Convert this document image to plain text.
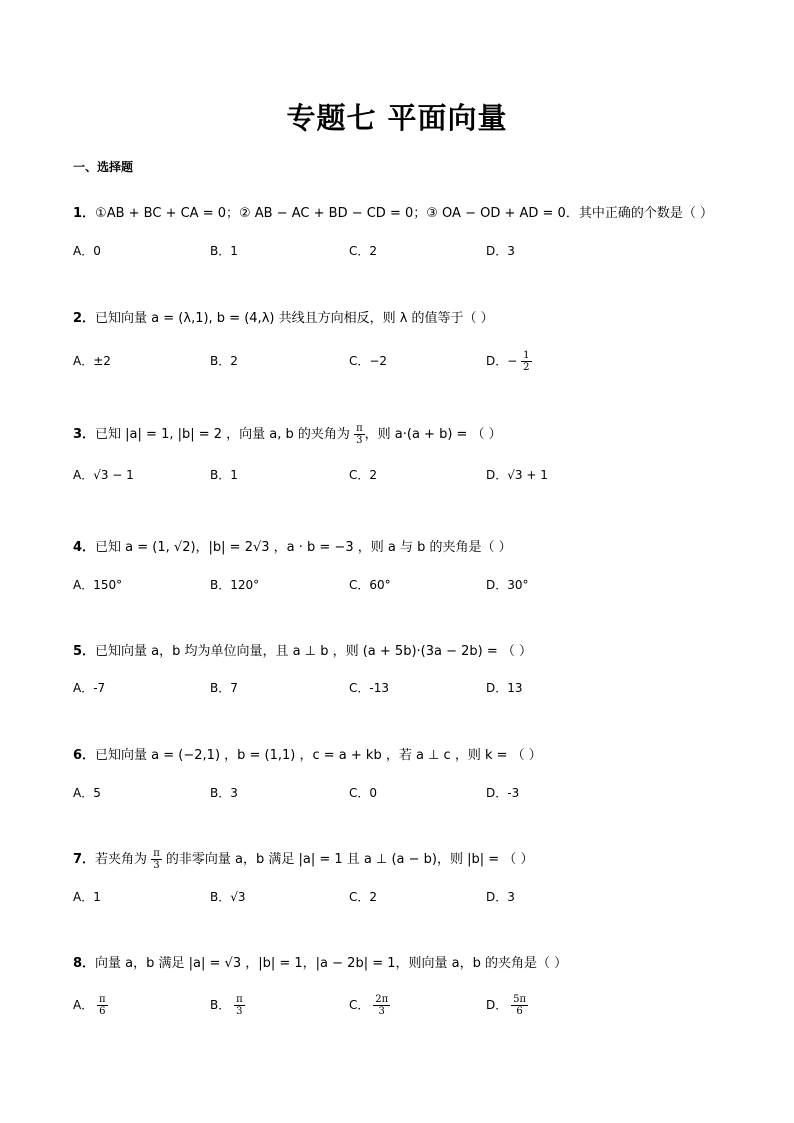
专题七 平面向量
一、选择题
1．①AB + BC + CA = 0；② AB − AC + BD − CD = 0；③ OA − OD + AD = 0．其中正确的个数是（ ）
A．0	B．1	C．2	D．3
2．已知向量 a = (λ,1), b = (4,λ) 共线且方向相反，则 λ 的值等于（ ）
A．±2	B．2	C．−2	D．− $\frac{1}{2}$
3．已知 |a| = 1, |b| = 2 ，向量 a, b 的夹角为 $\frac{\pi}{3}$ ，则 a·(a + b) = （ ）
A．√3 − 1	B．1	C．2	D．√3 + 1
4．已知 a = (1, √2)，|b| = 2√3 ，a · b = −3 ，则 a 与 b 的夹角是（ ）
A．150°	B．120°	C．60°	D．30°
5．已知向量 a，b 均为单位向量，且 a ⊥ b ，则 (a + 5b)·(3a − 2b) = （ ）
A．-7	B．7	C．-13	D．13
6．已知向量 a = (−2,1) ，b = (1,1) ，c = a + kb ，若 a ⊥ c ，则 k = （ ）
A．5	B．3	C．0	D．-3
7．若夹角为 $\frac{\pi}{3}$ 的非零向量 a，b 满足 |a| = 1 且 a ⊥ (a − b)，则 |b| = （ ）
A．1	B．√3	C．2	D．3
8．向量 a，b 满足 |a| = √3 ，|b| = 1，|a − 2b| = 1，则向量 a，b 的夹角是（ ）
A． $\frac{\pi}{6}$	B． $\frac{\pi}{3}$	C． $\frac{2\pi}{3}$	D． $\frac{5\pi}{6}$
